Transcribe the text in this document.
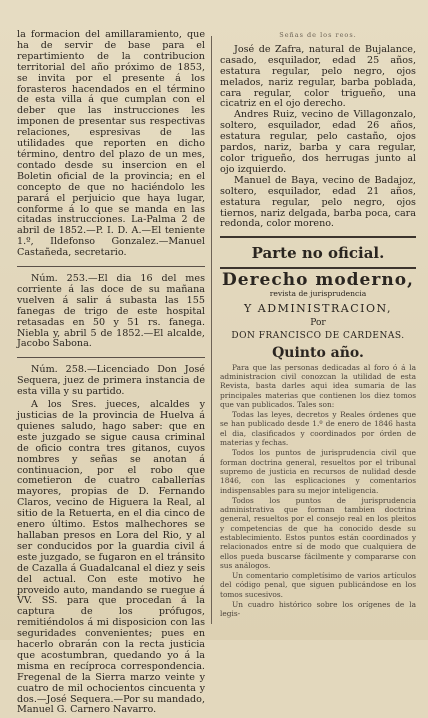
la formacion del amillaramiento, que ha de servir de base para el repartimiento de la contribucion territorial del año próximo de 1853, se invita por el presente á los forasteros hacendados en el término de esta villa á que cumplan con el deber que las instrucciones les imponen de presentar sus respectivas relaciones, espresivas de las utilidades que reporten en dicho término, dentro del plazo de un mes, contado desde su insercion en el Boletin oficial de la provincia; en el concepto de que no haciéndolo les parará el perjuicio que haya lugar, conforme á lo que se manda en las citadas instrucciones. La-Palma 2 de abril de 1852.—P. I. D. A.—El teniente 1.º, Ildefonso Gonzalez.—Manuel Castañeda, secretario.

Núm. 253.—El dia 16 del mes corriente á las doce de su mañana vuelven á salir á subasta las 155 fanegas de trigo de este hospital retasadas en 50 y 51 rs. fanega. Niebla y, abril 5 de 1852.—El alcalde, Jacobo Sabona.

Núm. 258.—Licenciado Don José Sequera, juez de primera instancia de esta villa y su partido.

A los Sres. jueces, alcaldes y justicias de la provincia de Huelva á quienes saludo, hago saber: que en este juzgado se sigue causa criminal de oficio contra tres gitanos, cuyos nombres y señas se anotan á continuacion, por el robo que cometieron de cuatro caballerías mayores, propias de D. Fernando Claros, vecino de Higuera la Real, al sitio de la Retuerta, en el dia cinco de enero último. Estos malhechores se hallaban presos en Lora del Rio, y al ser conducidos por la guardia civil á este juzgado, se fugaron en el tránsito de Cazalla á Guadalcanal el diez y seis del actual. Con este motivo he proveido auto, mandando se ruegue á VV. SS. para que procedan á la captura de los prófugos, remitiéndolos á mi disposicion con las seguridades convenientes; pues en hacerlo obrarán con la recta justicia que acostumbran, quedando yo á la misma en recíproca correspondencia. Fregenal de la Sierra marzo veinte y cuatro de mil ochocientos cincuenta y dos.—José Sequera.—Por su mandado, Manuel G. Carnero Navarro.

Señas de los reos.

José de Zafra, natural de Bujalance, casado, esquilador, edad 25 años, estatura regular, pelo negro, ojos melados, nariz regular, barba poblada, cara regular, color trigueño, una cicatriz en el ojo derecho.

Andres Ruiz, vecino de Villagonzalo, soltero, esquilador, edad 26 años, estatura regular, pelo castaño, ojos pardos, nariz, barba y cara regular, color trigueño, dos herrugas junto al ojo izquierdo.

Manuel de Baya, vecino de Badajoz, soltero, esquilador, edad 21 años, estatura regular, pelo negro, ojos tiernos, nariz delgada, barba poca, cara redonda, color moreno.

Parte no oficial.
Derecho moderno,
revista de jurisprudencia
Y ADMINISTRACION,
Por
DON FRANCISCO DE CARDENAS.
Quinto año.

Para que las personas dedicadas al foro ó á la administracion civil conozcan la utilidad de esta Revista, basta darles aqui idea sumaria de las principales materias que contienen los diez tomos que van publicados. Tales son:

Todas las leyes, decretos y Reales órdenes que se han publicado desde 1.º de enero de 1846 hasta el dia, clasificados y coordinados por órden de materias y fechas.

Todos los puntos de jurisprudencia civil que forman doctrina general, resueltos por el tribunal supremo de justicia en recursos de nulidad desde 1846, con las esplicaciones y comentarios indispensables para su mejor inteligencia.

Todos los puntos de jurisprudencia administrativa que forman tambien doctrina general, resueltos por el consejo real en los pleitos y competencias de que ha conocido desde su establecimiento. Estos puntos están coordinados y relacionados entre sí de modo que cualquiera de ellos pueda buscarse fácilmente y compararse con sus análogos.

Un comentario completísimo de varios artículos del código penal, que siguen publicándose en los tomos sucesivos.

Un cuadro histórico sobre los orígenes de la legis-
